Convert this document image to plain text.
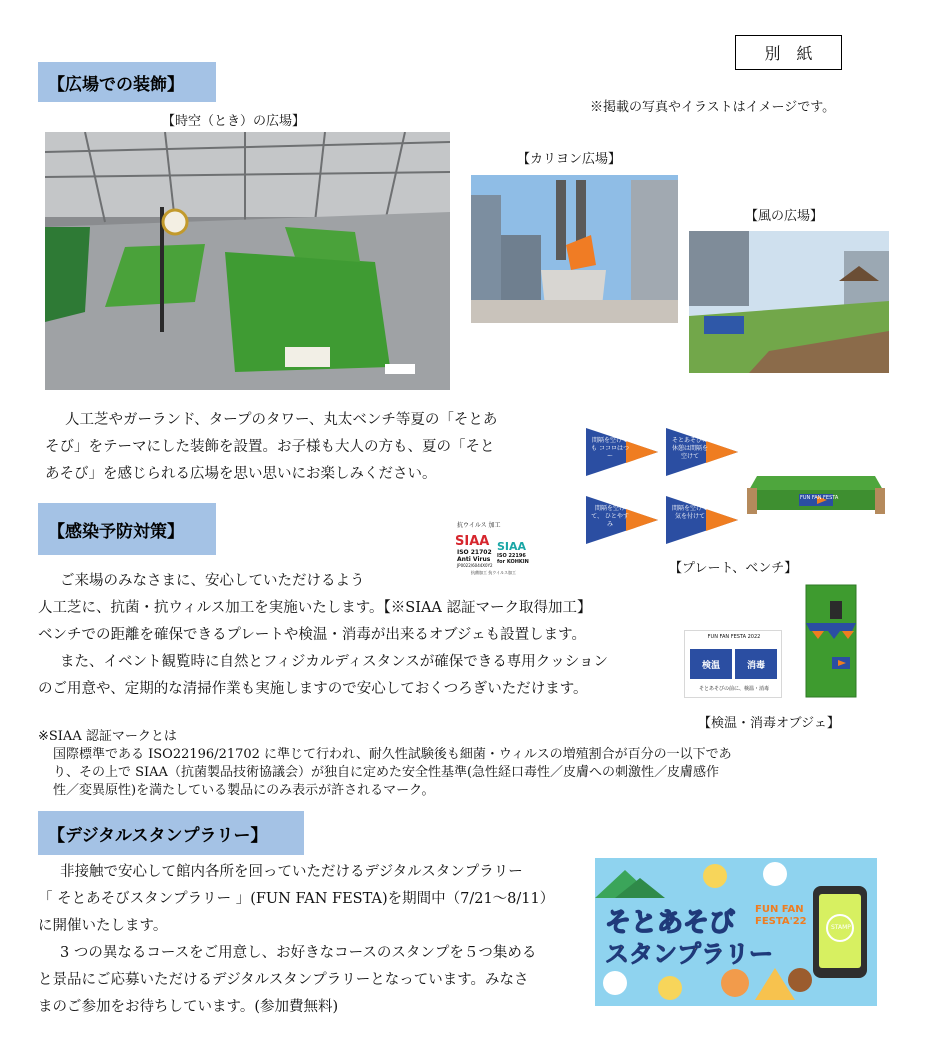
別　紙
※掲載の写真やイラストはイメージです。
【広場での装飾】
【時空（とき）の広場】
【カリヨン広場】
【風の広場】
人工芝やガーランド、タープのタワー、丸太ベンチ等夏の「そとあ
そび」をテーマにした装飾を設置。お子様も大人の方も、夏の「そと
あそび」を感じられる広場を思い思いにお楽しみください。
間隔を空けても ココロはつー
そとあそびの 休憩は間隔を空けて
間隔を空けて、 ひとやすみ
間隔を空けて 気を付けて
FUN FAN FESTA
【プレート、ベンチ】
【感染予防対策】	抗ウイルス 加工
SIAA
ISO 21702
Anti Virus
JP0022/6044X0Y2
SIAA
ISO 22196
for KOHKIN
抗菌加工 抗ウイルス加工
ご来場のみなさまに、安心していただけるよう
人工芝に、抗菌・抗ウィルス加工を実施いたします。【※SIAA 認証マーク取得加工】
ベンチでの距離を確保できるプレートや検温・消毒が出来るオブジェも設置します。
また、イベント観覧時に自然とフィジカルディスタンスが確保できる専用クッション
のご用意や、定期的な清掃作業も実施しますので安心しておくつろぎいただけます。
FUN FAN FESTA 2022
検温	消毒
そとあそびの前に、検温・消毒
【検温・消毒オブジェ】
※SIAA 認証マークとは
国際標準である ISO22196/21702 に準じて行われ、耐久性試験後も細菌・ウィルスの増殖割合が百分の一以下であ
り、その上で SIAA（抗菌製品技術協議会）が独自に定めた安全性基準(急性経口毒性／皮膚への刺激性／皮膚感作
性／変異原性)を満たしている製品にのみ表示が許されるマーク。
【デジタルスタンプラリー】
非接触で安心して館内各所を回っていただけるデジタルスタンプラリー
「 そとあそびスタンプラリー 」(FUN FAN FESTA)を期間中（7/21～8/11）
に開催いたします。
3 つの異なるコースをご用意し、お好きなコースのスタンプを５つ集める
と景品にご応募いただけるデジタルスタンプラリーとなっています。みなさ
まのご参加をお待ちしています。(参加費無料)
そとあそび
スタンプラリー
FUN FAN
FESTA'22
STAMP
